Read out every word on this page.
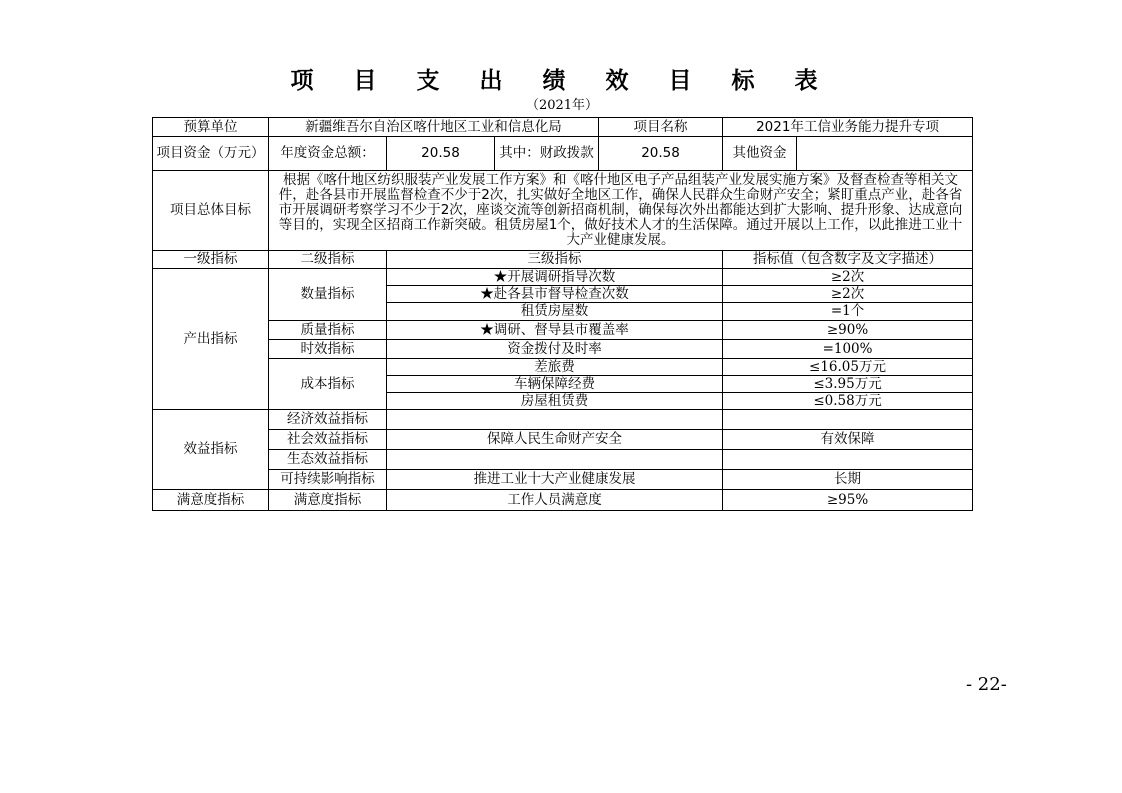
项 目 支 出 绩 效 目 标 表
（2021年）
预算单位	新疆维吾尔自治区喀什地区工业和信息化局			项目名称	2021年工信业务能力提升专项	
项目资金（万元）	年度资金总额：	20.58	其中：财政拨款	20.58	其他资金	
项目总体目标	根据《喀什地区纺织服装产业发展工作方案》和《喀什地区电子产品组装产业发展实施方案》及督查检查等相关文件，赴各县市开展监督检查不少于2次，扎实做好全地区工作，确保人民群众生命财产安全；紧盯重点产业，赴各省市开展调研考察学习不少于2次，座谈交流等创新招商机制，确保每次外出都能达到扩大影响、提升形象、达成意向等目的，实现全区招商工作新突破。租赁房屋1个，做好技术人才的生活保障。通过开展以上工作，以此推进工业十大产业健康发展。					
一级指标	二级指标	三级指标			指标值（包含数字及文字描述）	
产出指标	数量指标	★开展调研指导次数			≥2次	
		★赴各县市督导检查次数			≥2次	
		租赁房屋数			=1个	
	质量指标	★调研、督导县市覆盖率			≥90%	
	时效指标	资金拨付及时率			=100%	
	成本指标	差旅费			≤16.05万元	
		车辆保障经费			≤3.95万元	
		房屋租赁费			≤0.58万元	
效益指标	经济效益指标					
	社会效益指标	保障人民生命财产安全			有效保障	
	生态效益指标					
	可持续影响指标	推进工业十大产业健康发展			长期	
满意度指标	满意度指标	工作人员满意度			≥95%	
- 22-
